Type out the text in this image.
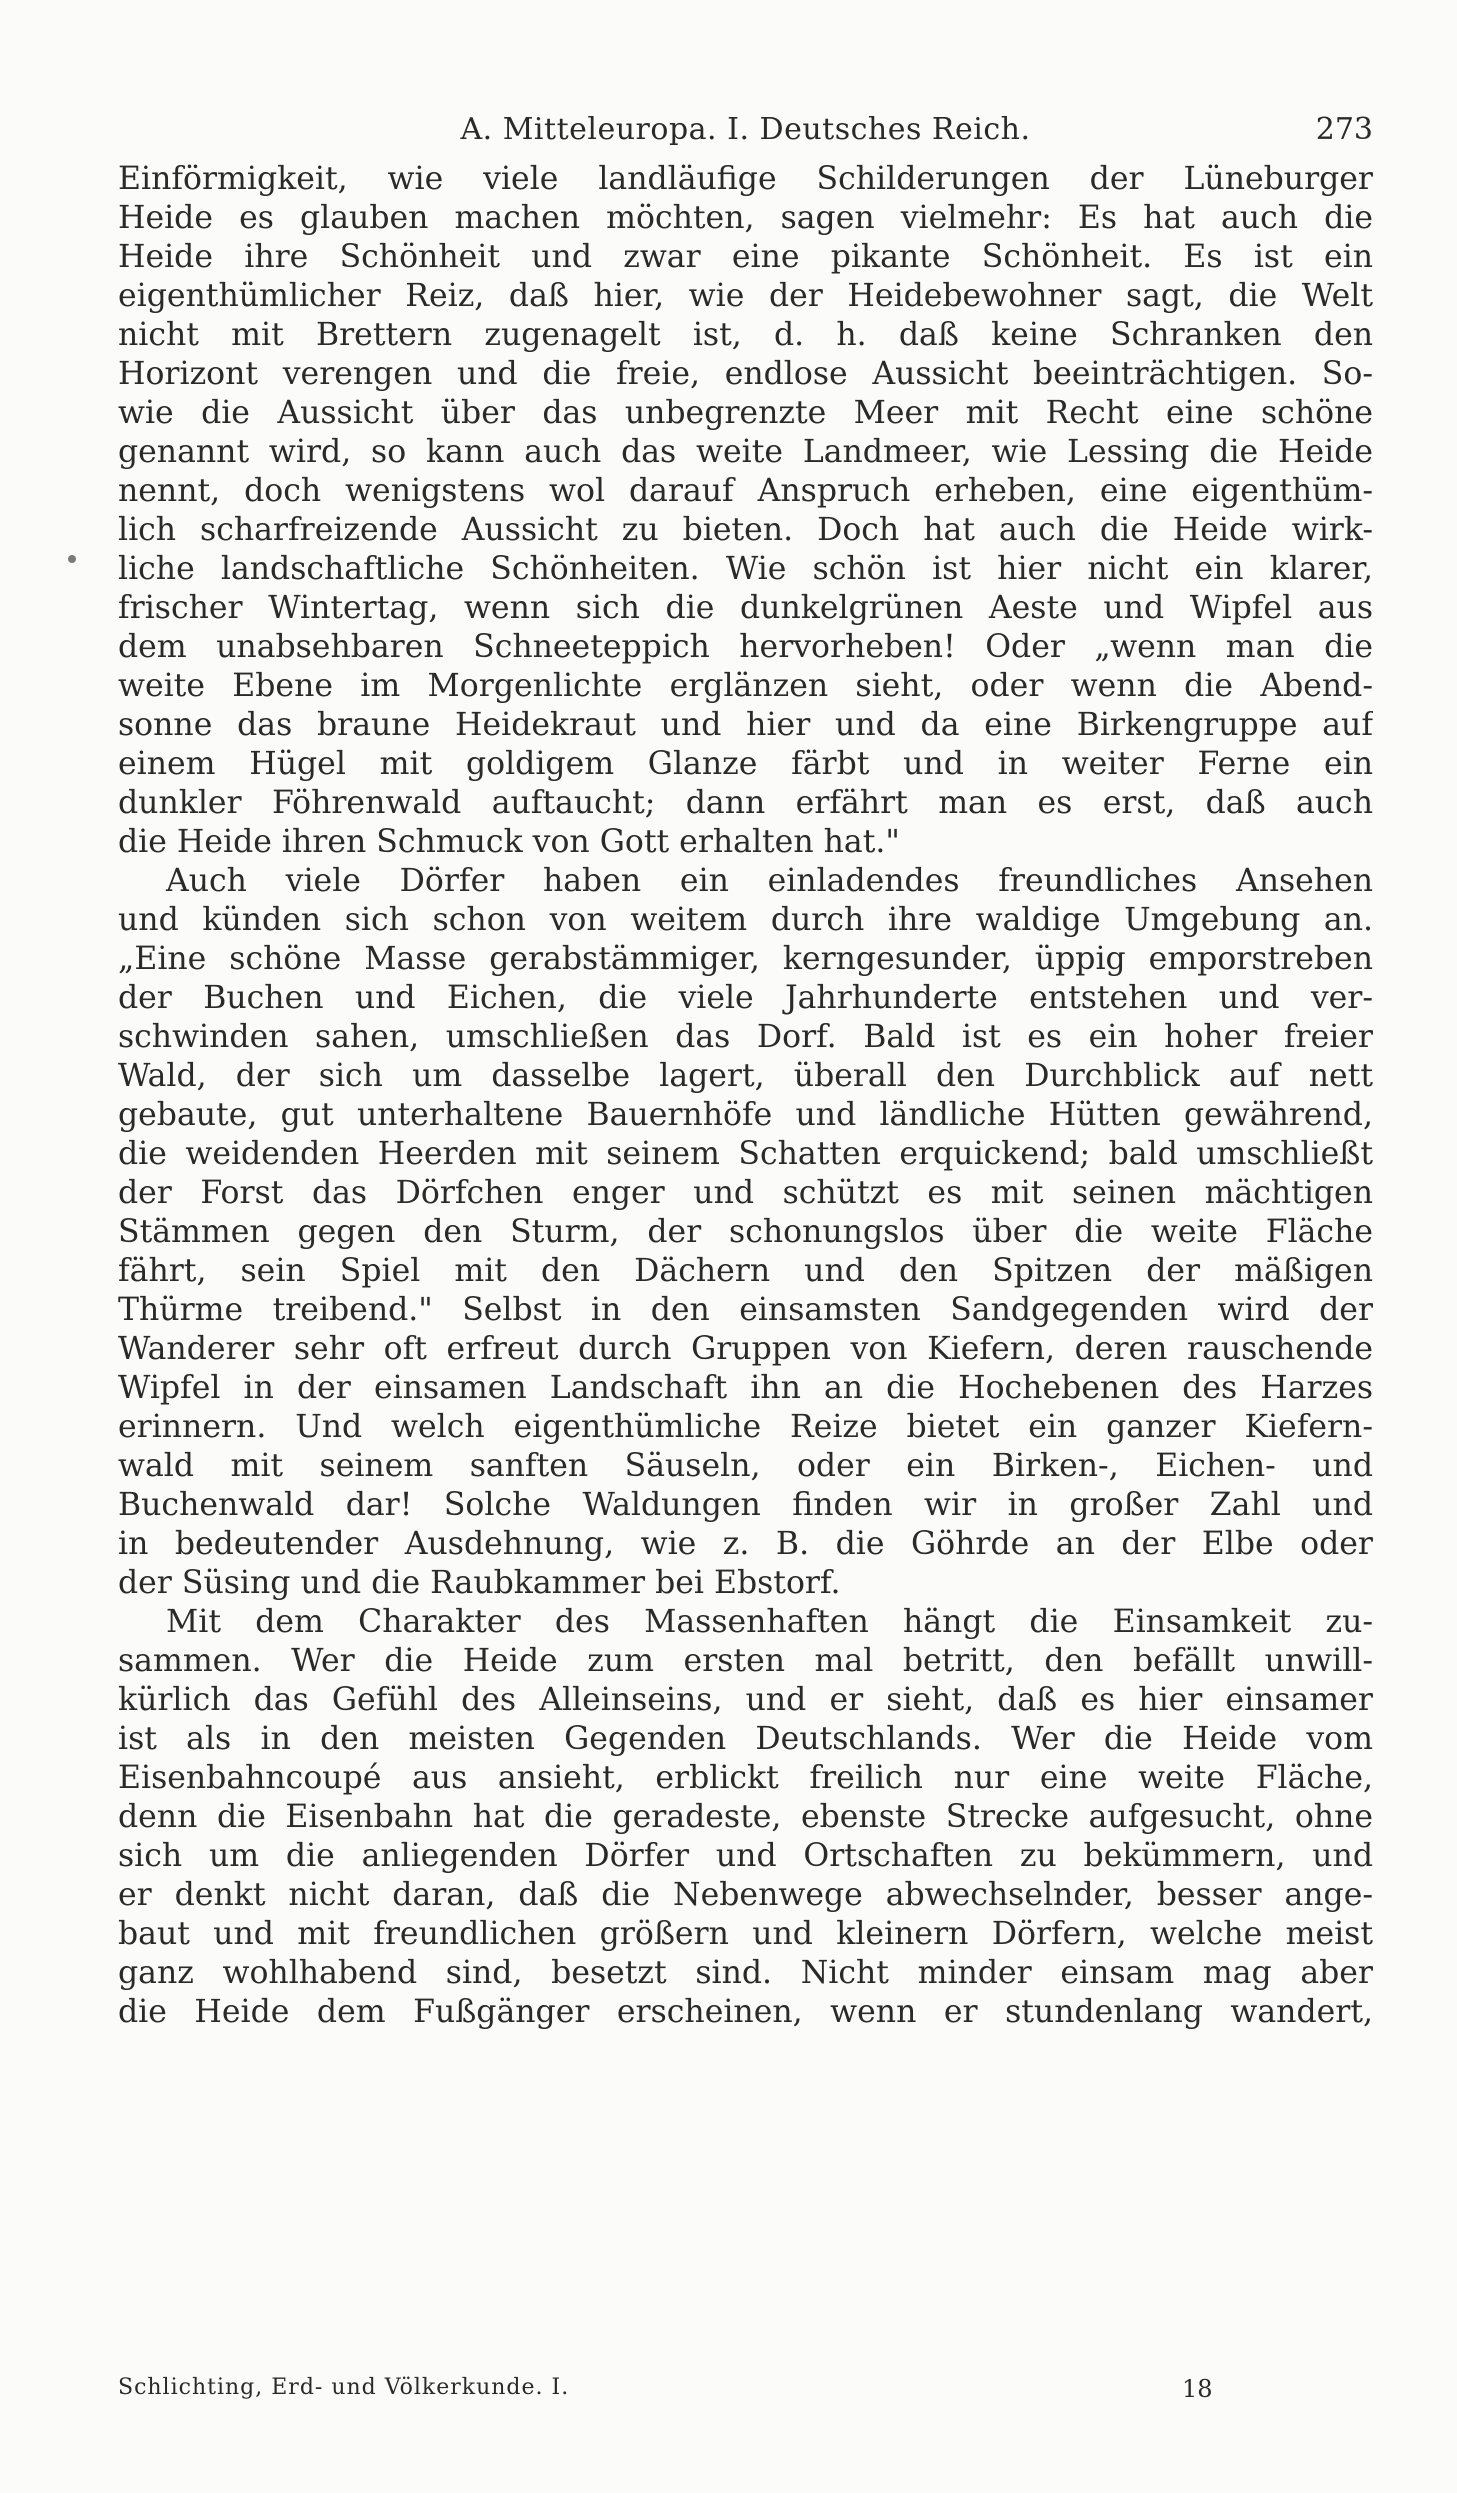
A. Mitteleuropa. I. Deutsches Reich.	273
Einförmigkeit, wie viele landläufige Schilderungen der Lüneburger
Heide es glauben machen möchten, sagen vielmehr: Es hat auch die
Heide ihre Schönheit und zwar eine pikante Schönheit. Es ist ein
eigenthümlicher Reiz, daß hier, wie der Heidebewohner sagt, die Welt
nicht mit Brettern zugenagelt ist, d. h. daß keine Schranken den
Horizont verengen und die freie, endlose Aussicht beeinträchtigen. So-
wie die Aussicht über das unbegrenzte Meer mit Recht eine schöne
genannt wird, so kann auch das weite Landmeer, wie Lessing die Heide
nennt, doch wenigstens wol darauf Anspruch erheben, eine eigenthüm-
lich scharfreizende Aussicht zu bieten. Doch hat auch die Heide wirk-
liche landschaftliche Schönheiten. Wie schön ist hier nicht ein klarer,
frischer Wintertag, wenn sich die dunkelgrünen Aeste und Wipfel aus
dem unabsehbaren Schneeteppich hervorheben! Oder „wenn man die
weite Ebene im Morgenlichte erglänzen sieht, oder wenn die Abend-
sonne das braune Heidekraut und hier und da eine Birkengruppe auf
einem Hügel mit goldigem Glanze färbt und in weiter Ferne ein
dunkler Föhrenwald auftaucht; dann erfährt man es erst, daß auch
die Heide ihren Schmuck von Gott erhalten hat."
Auch viele Dörfer haben ein einladendes freundliches Ansehen
und künden sich schon von weitem durch ihre waldige Umgebung an.
„Eine schöne Masse gerabstämmiger, kerngesunder, üppig emporstreben
der Buchen und Eichen, die viele Jahrhunderte entstehen und ver-
schwinden sahen, umschließen das Dorf. Bald ist es ein hoher freier
Wald, der sich um dasselbe lagert, überall den Durchblick auf nett
gebaute, gut unterhaltene Bauernhöfe und ländliche Hütten gewährend,
die weidenden Heerden mit seinem Schatten erquickend; bald umschließt
der Forst das Dörfchen enger und schützt es mit seinen mächtigen
Stämmen gegen den Sturm, der schonungslos über die weite Fläche
fährt, sein Spiel mit den Dächern und den Spitzen der mäßigen
Thürme treibend." Selbst in den einsamsten Sandgegenden wird der
Wanderer sehr oft erfreut durch Gruppen von Kiefern, deren rauschende
Wipfel in der einsamen Landschaft ihn an die Hochebenen des Harzes
erinnern. Und welch eigenthümliche Reize bietet ein ganzer Kiefern-
wald mit seinem sanften Säuseln, oder ein Birken-, Eichen- und
Buchenwald dar! Solche Waldungen finden wir in großer Zahl und
in bedeutender Ausdehnung, wie z. B. die Göhrde an der Elbe oder
der Süsing und die Raubkammer bei Ebstorf.
Mit dem Charakter des Massenhaften hängt die Einsamkeit zu-
sammen. Wer die Heide zum ersten mal betritt, den befällt unwill-
kürlich das Gefühl des Alleinseins, und er sieht, daß es hier einsamer
ist als in den meisten Gegenden Deutschlands. Wer die Heide vom
Eisenbahncoupé aus ansieht, erblickt freilich nur eine weite Fläche,
denn die Eisenbahn hat die geradeste, ebenste Strecke aufgesucht, ohne
sich um die anliegenden Dörfer und Ortschaften zu bekümmern, und
er denkt nicht daran, daß die Nebenwege abwechselnder, besser ange-
baut und mit freundlichen größern und kleinern Dörfern, welche meist
ganz wohlhabend sind, besetzt sind. Nicht minder einsam mag aber
die Heide dem Fußgänger erscheinen, wenn er stundenlang wandert,
Schlichting, Erd- und Völkerkunde. I.	18
